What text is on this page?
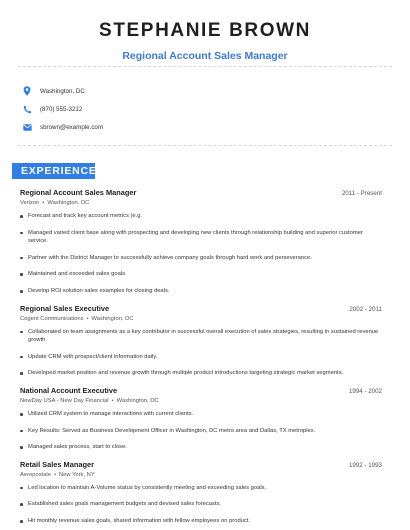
STEPHANIE BROWN
Regional Account Sales Manager
Washington, DC
(870) 555-3212
sbrown@example.com
EXPERIENCE
Regional Account Sales Manager	2011 - Present
Verizon • Washington, DC
Forecast and track key account metrics (e.g.
Managed varied client base along with prospecting and developing new clients through relationship building and superior customer service.
Partner with the District Manager to successfully achieve company goals through hard work and perseverance.
Maintained and exceeded sales goals.
Develop ROI solution sales examples for closing deals.
Regional Sales Executive	2002 - 2011
Cogent Communications • Washington, DC
Collaborated on team assignments as a key contributor in successful overall execution of sales strategies, resulting in sustained revenue growth.
Update CRM with prospect/client information daily.
Developed market position and revenue growth through multiple product introductions targeting strategic market segments.
National Account Executive	1994 - 2002
NewDay USA - New Day Financial • Washington, DC
Utilized CRM system to manage interactions with current clients.
Key Results: Served as Business Development Officer in Washington, DC metro area and Dallas, TX metroplex.
Managed sales process, start to close.
Retail Sales Manager	1992 - 1993
Aeropostale • New York, NY
Led location to maintain A-Volume status by consistently meeting and exceeding sales goals.
Established sales goals management budgets and devised sales forecasts.
Hit monthly revenue sales goals, shared information with fellow employees on product.
